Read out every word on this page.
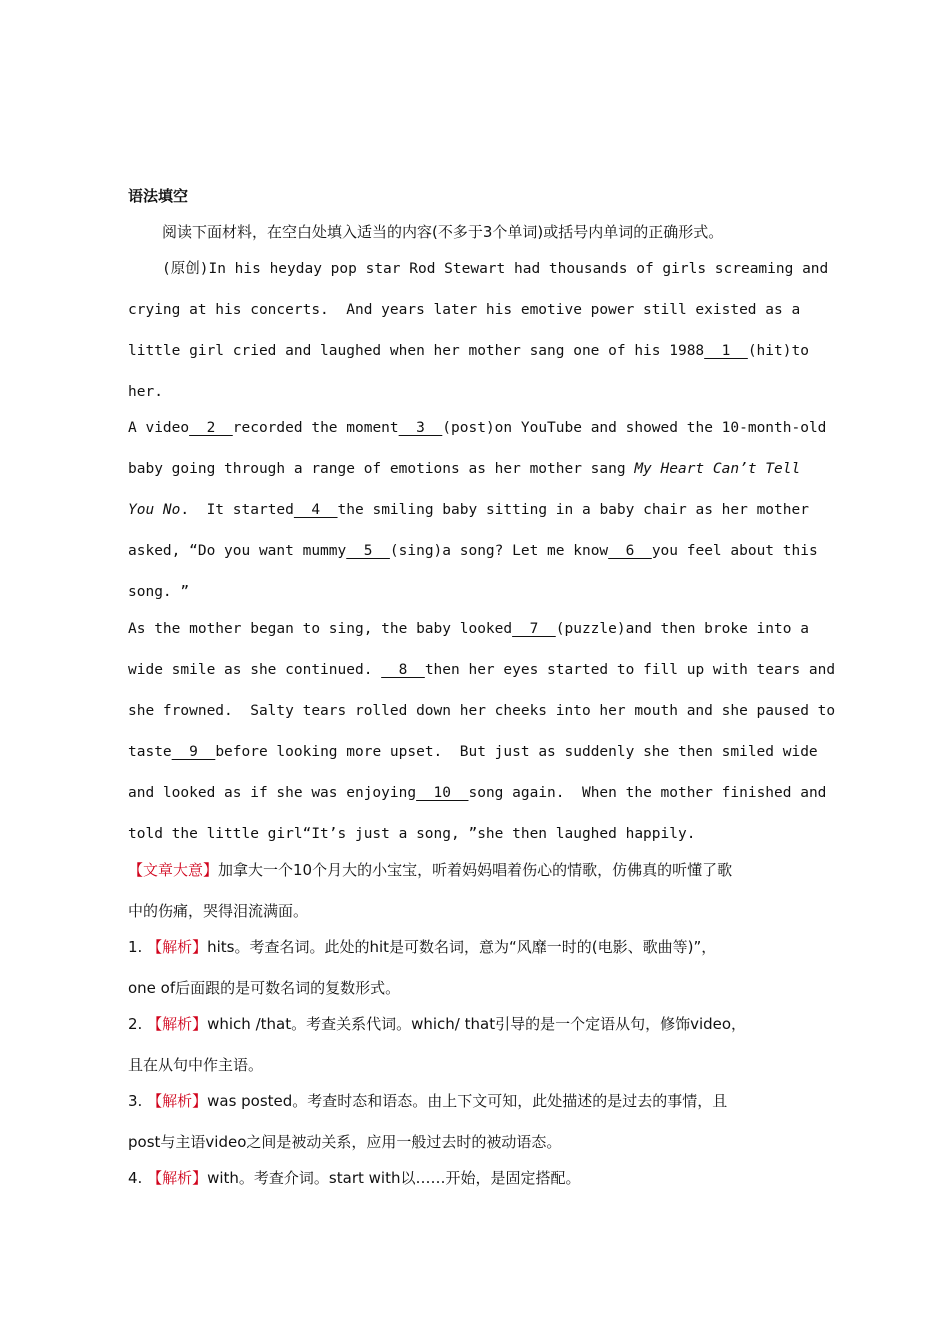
语法填空
阅读下面材料，在空白处填入适当的内容(不多于3个单词)或括号内单词的正确形式。
(原创)In his heyday pop star Rod Stewart had thousands of girls screaming and
crying at his concerts.  And years later his emotive power still existed as a
little girl cried and laughed when her mother sang one of his 1988  1  (hit)to
her.
A video  2  recorded the moment  3  (post)on YouTube and showed the 10-month-old
baby going through a range of emotions as her mother sang My Heart Can’t Tell
You No.  It started  4  the smiling baby sitting in a baby chair as her mother
asked, “Do you want mummy  5  (sing)a song? Let me know  6  you feel about this
song. ”
As the mother began to sing, the baby looked  7  (puzzle)and then broke into a
wide smile as she continued.   8  then her eyes started to fill up with tears and
she frowned.  Salty tears rolled down her cheeks into her mouth and she paused to
taste  9  before looking more upset.  But just as suddenly she then smiled wide
and looked as if she was enjoying  10  song again.  When the mother finished and
told the little girl“It’s just a song, ”she then laughed happily.
【文章大意】加拿大一个10个月大的小宝宝，听着妈妈唱着伤心的情歌，仿佛真的听懂了歌
中的伤痛，哭得泪流满面。
1. 【解析】hits。考查名词。此处的hit是可数名词，意为“风靡一时的(电影、歌曲等)”，
one of后面跟的是可数名词的复数形式。
2. 【解析】which /that。考查关系代词。which/ that引导的是一个定语从句，修饰video，
且在从句中作主语。
3. 【解析】was posted。考查时态和语态。由上下文可知，此处描述的是过去的事情，且
post与主语video之间是被动关系，应用一般过去时的被动语态。
4. 【解析】with。考查介词。start with以……开始，是固定搭配。
